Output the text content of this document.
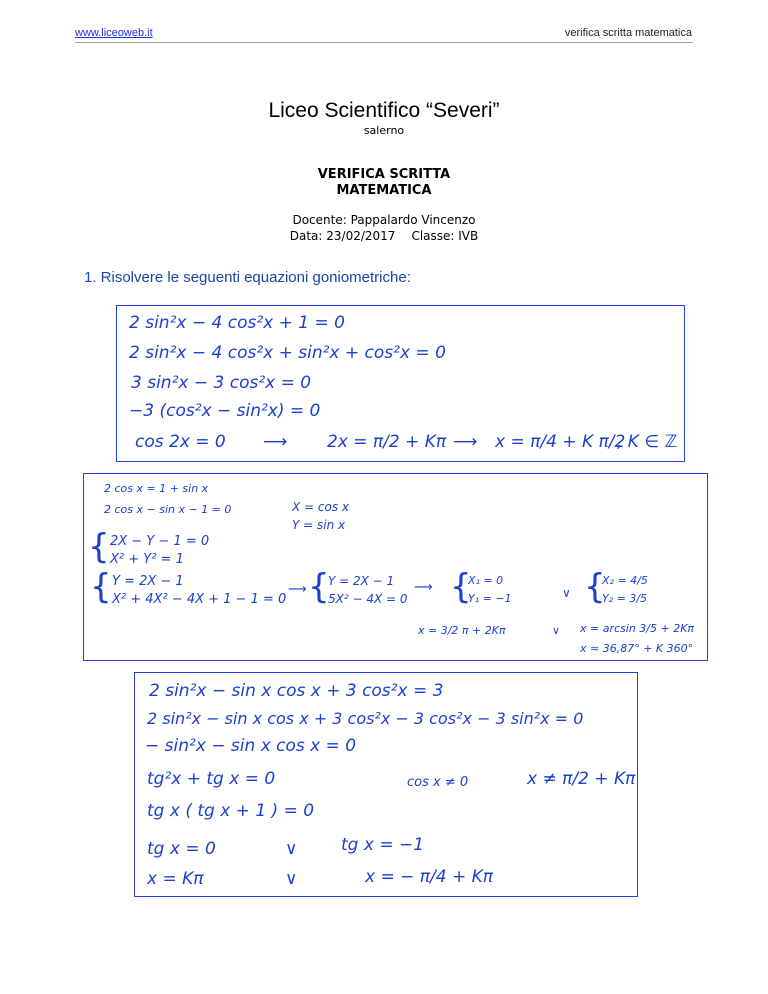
www.liceoweb.it	verifica scritta matematica
Liceo Scientifico “Severi”
salerno
VERIFICA SCRITTA
MATEMATICA
Docente: Pappalardo Vincenzo
Data: 23/02/2017 Classe: IVB
1. Risolvere le seguenti equazioni goniometriche:
2 sin²x − 4 cos²x + 1 = 0
2 sin²x − 4 cos²x + sin²x + cos²x = 0
3 sin²x − 3 cos²x = 0
−3 (cos²x − sin²x) = 0
cos 2x = 0 ⟶ 2x = π/2 + Kπ ⟶ x = π/4 + K π/2
, K ∈ ℤ
2 cos x = 1 + sin x
2 cos x − sin x − 1 = 0	X = cos x
Y = sin x
{ 2X − Y − 1 = 0
X² + Y² = 1
{ Y = 2X − 1
X² + 4X² − 4X + 1 − 1 = 0
⟶ {
Y = 2X − 1
5X² − 4X = 0
⟶ {
X₁ = 0
Y₁ = −1	∨ {
X₂ = 4/5
Y₂ = 3/5
x = 3/2 π + 2Kπ	∨ x = arcsin 3/5 + 2Kπ
x ≈ 36,87° + K 360°
2 sin²x − sin x cos x + 3 cos²x = 3
2 sin²x − sin x cos x + 3 cos²x − 3 cos²x − 3 sin²x = 0
− sin²x − sin x cos x = 0
tg²x + tg x = 0	cos x ≠ 0	x ≠ π/2 + Kπ
tg x ( tg x + 1 ) = 0
tg x = 0	∨	tg x = −1
x = Kπ	∨	x = − π/4 + Kπ
